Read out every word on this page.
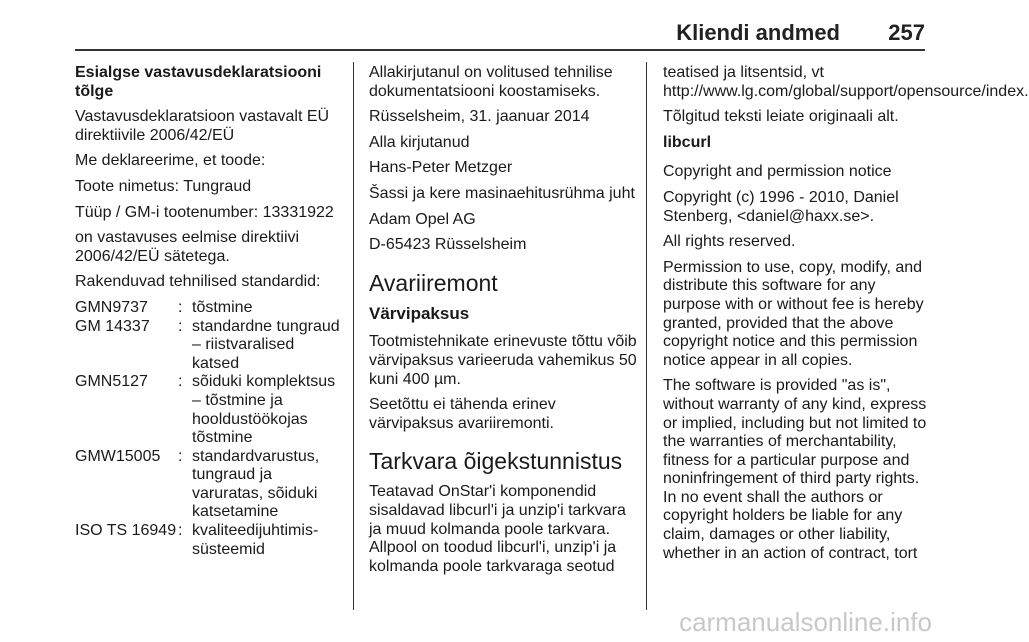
Kliendi andmed 257

Esialgse vastavusdeklaratsiooni tõlge

Vastavusdeklaratsioon vastavalt EÜ direktiivile 2006/42/EÜ

Me deklareerime, et toode:

Toote nimetus: Tungraud

Tüüp / GM-i tootenumber: 13331922

on vastavuses eelmise direktiivi 2006/42/EÜ sätetega.

Rakenduvad tehnilised standardid:

GMN9737	: tõstmine
GM 14337	: standardne tungraud – riistvaralised katsed
GMN5127	: sõiduki komplektsus – tõstmine ja hooldustöökojas tõstmine
GMW15005	: standardvarustus, tungraud ja varuratas, sõiduki katsetamine
ISO TS 16949 : kvaliteedijuhtimis-süsteemid

Allakirjutanul on volitused tehnilise dokumentatsiooni koostamiseks.

Rüsselsheim, 31. jaanuar 2014

Alla kirjutanud

Hans-Peter Metzger

Šassi ja kere masinaehitusrühma juht

Adam Opel AG

D-65423 Rüsselsheim

Avariiremont
Värvipaksus

Tootmistehnikate erinevuste tõttu võib värvipaksus varieeruda vahemikus 50 kuni 400 µm.

Seetõttu ei tähenda erinev värvipaksus avariiremonti.

Tarkvara õigekstunnistus

Teatavad OnStar'i komponendid sisaldavad libcurl'i ja unzip'i tarkvara ja muud kolmanda poole tarkvara. Allpool on toodud libcurl'i, unzip'i ja kolmanda poole tarkvaraga seotud

teatised ja litsentsid, vt http://www.lg.com/global/support/opensource/index.

Tõlgitud teksti leiate originaali alt.

libcurl

Copyright and permission notice

Copyright (c) 1996 - 2010, Daniel Stenberg, <daniel@haxx.se>.

All rights reserved.

Permission to use, copy, modify, and distribute this software for any purpose with or without fee is hereby granted, provided that the above copyright notice and this permission notice appear in all copies.

The software is provided "as is", without warranty of any kind, express or implied, including but not limited to the warranties of merchantability, fitness for a particular purpose and noninfringement of third party rights. In no event shall the authors or copyright holders be liable for any claim, damages or other liability, whether in an action of contract, tort

carmanualsonline.info
